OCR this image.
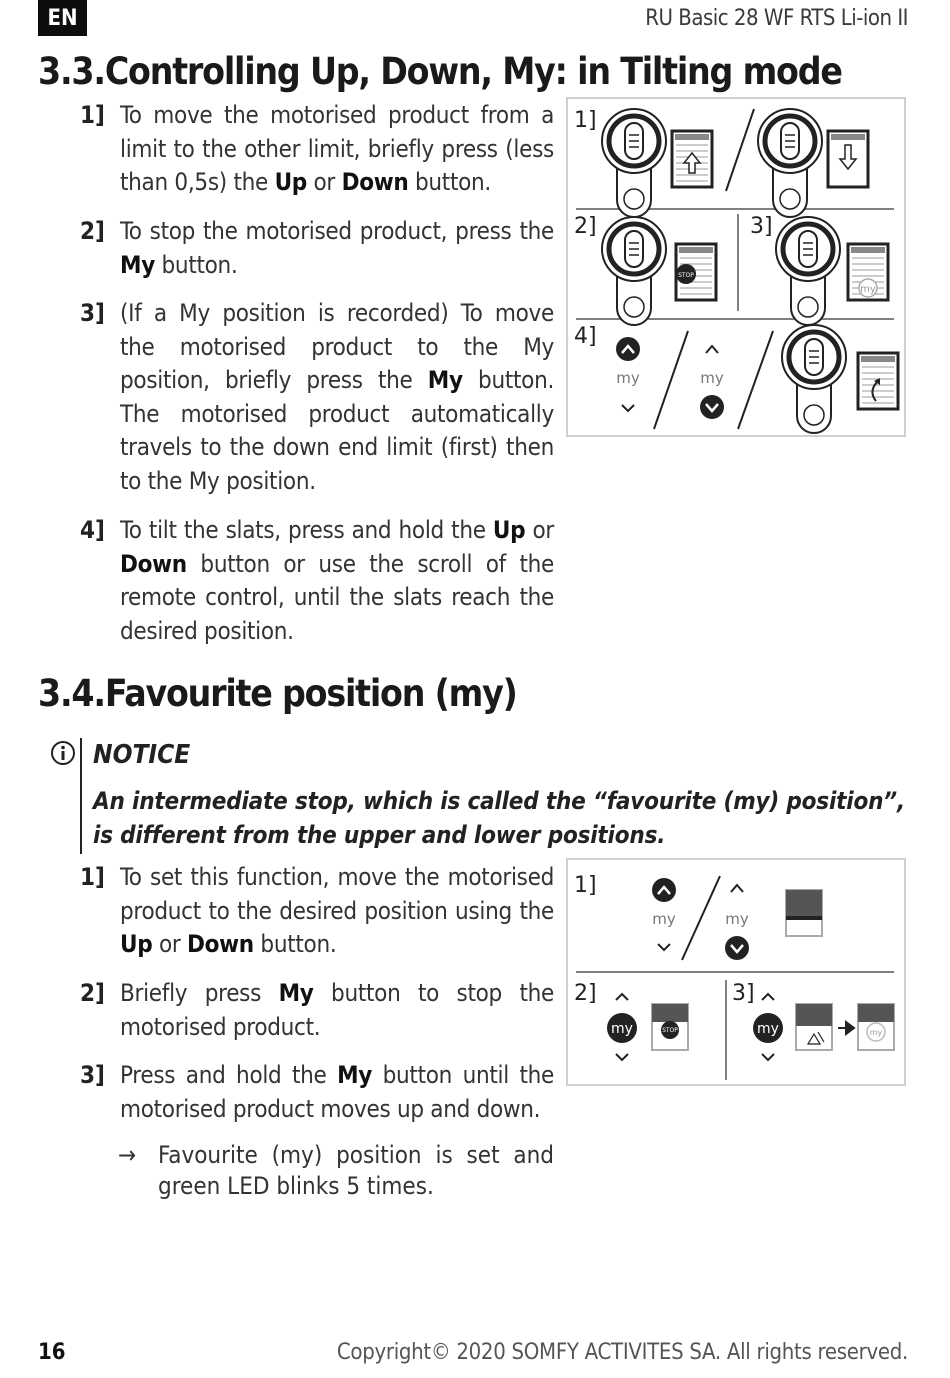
EN	RU Basic 28 WF RTS Li-ion II
3.3.Controlling Up, Down, My: in Tilting mode
1] To move the motorised product from a limit to the other limit, briefly press (less than 0,5s) the Up or Down button.
2] To stop the motorised product, press the My button.
3] (If a My position is recorded) To move the motorised product to the My position, briefly press the My button. The motorised product automatically travels to the down end limit (first) then to the My position.
4] To tilt the slats, press and hold the Up or Down button or use the scroll of the remote control, until the slats reach the desired position.
1]
2]	3]
4]
STOP
my
my	my
3.4.Favourite position (my)
NOTICE
An intermediate stop, which is called the “favourite (my) position”, is different from the upper and lower positions.
1] To set this function, move the motorised product to the desired position using the Up or Down button.
2] Briefly press My button to stop the motorised product.
3] Press and hold the My button until the motorised product moves up and down.
→ Favourite (my) position is set and green LED blinks 5 times.
1]
2]	3]
my	my
my	STOP	my	my
16	Copyright© 2020 SOMFY ACTIVITES SA. All rights reserved.
